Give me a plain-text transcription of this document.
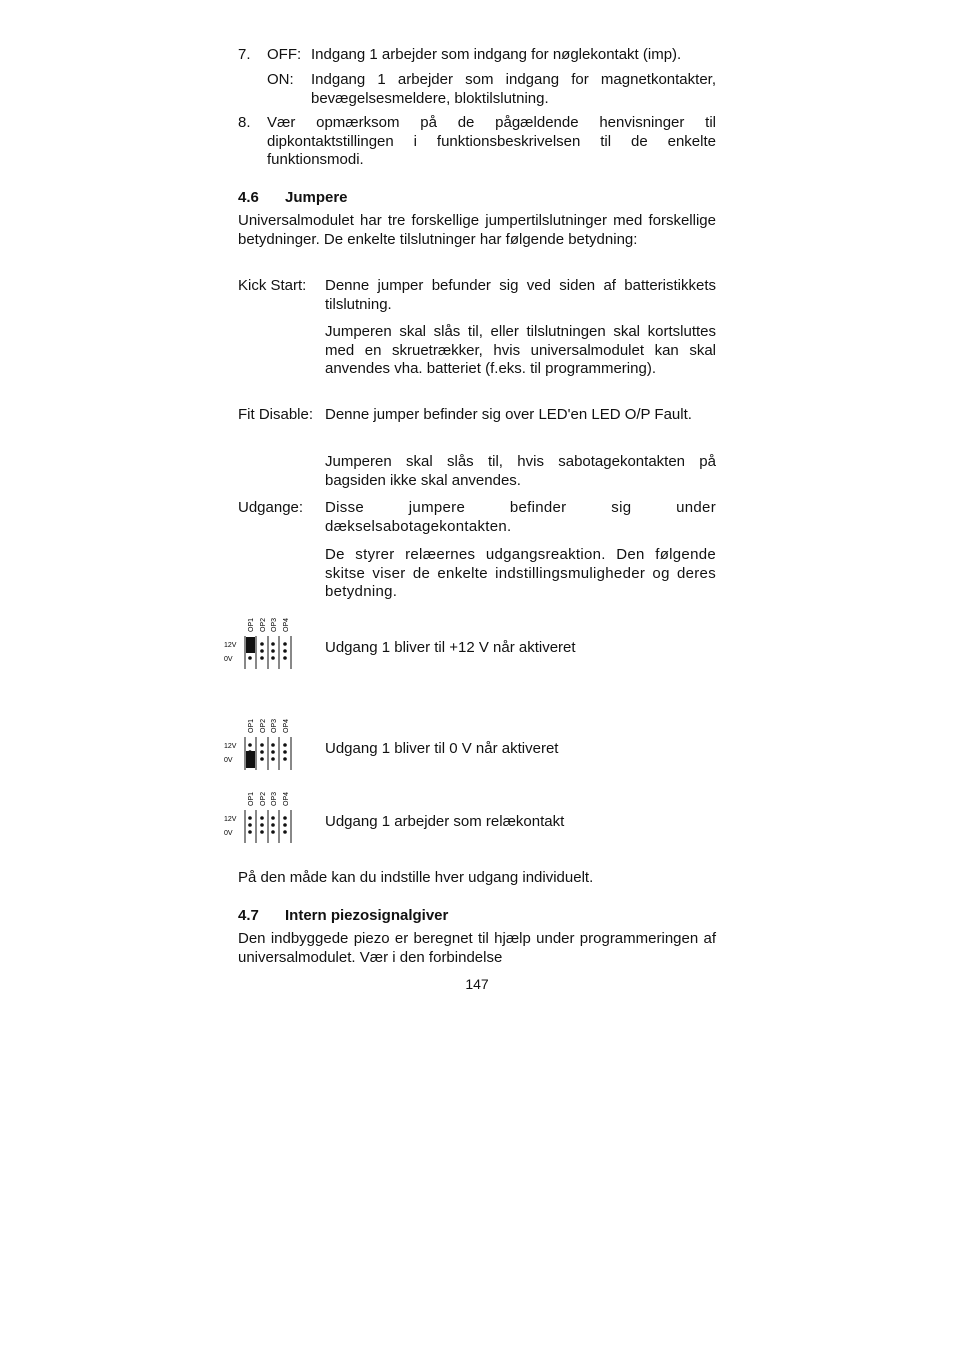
7. OFF: Indgang 1 arbejder som indgang for nøglekontakt (imp).
ON: Indgang 1 arbejder som indgang for magnetkontakter, bevægelsesmeldere, bloktilslutning.
8. Vær opmærksom på de pågældende henvisninger til dipkontaktstillingen i funktionsbeskrivelsen til de enkelte funktionsmodi.
4.6 Jumpere
Universalmodulet har tre forskellige jumpertilslutninger med forskellige betydninger. De enkelte tilslutninger har følgende betydning:
Kick Start: Denne jumper befunder sig ved siden af batteristikkets tilslutning.
Jumperen skal slås til, eller tilslutningen skal kortsluttes med en skruetrækker, hvis universalmodulet kan skal anvendes vha. batteriet (f.eks. til programmering).
Fit Disable: Denne jumper befinder sig over LED'en LED O/P Fault.
Jumperen skal slås til, hvis sabotagekontakten på bagsiden ikke skal anvendes.
Udgange: Disse jumpere befinder sig under dækselsabotagekontakten.
De styrer relæernes udgangsreaktion. Den følgende skitse viser de enkelte indstillingsmuligheder og deres betydning.
OP1 OP2 OP3 OP4
12V
0V
Udgang 1 bliver til +12 V når aktiveret
OP1 OP2 OP3 OP4
12V
0V
Udgang 1 bliver til 0 V når aktiveret
OP1 OP2 OP3 OP4
12V
0V
Udgang 1 arbejder som relækontakt
På den måde kan du indstille hver udgang individuelt.
4.7 Intern piezosignalgiver
Den indbyggede piezo er beregnet til hjælp under programmeringen af universalmodulet. Vær i den forbindelse
147
